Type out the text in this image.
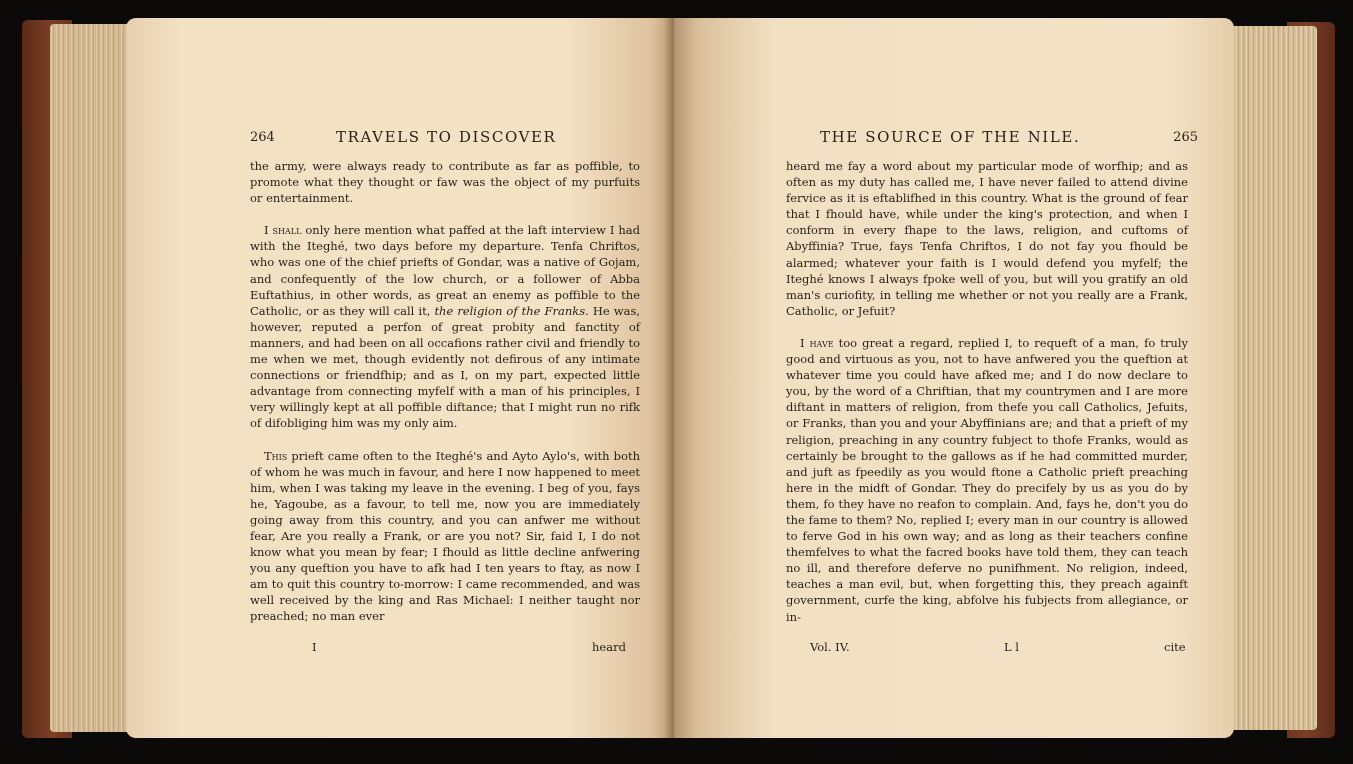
264	TRAVELS TO DISCOVER

the army, were always ready to contribute as far as poffible, to promote what they thought or faw was the object of my purfuits or entertainment.

I shall only here mention what paffed at the laft interview I had with the Iteghé, two days before my departure. Tenfa Chriftos, who was one of the chief priefts of Gondar, was a native of Gojam, and confequently of the low church, or a follower of Abba Euftathius, in other words, as great an enemy as poffible to the Catholic, or as they will call it, the religion of the Franks. He was, however, reputed a perfon of great probity and fanctity of manners, and had been on all occafions rather civil and friendly to me when we met, though evidently not defirous of any intimate connections or friendfhip; and as I, on my part, expected little advantage from connecting myfelf with a man of his principles, I very willingly kept at all poffible diftance; that I might run no rifk of difobliging him was my only aim.

This prieft came often to the Iteghé's and Ayto Aylo's, with both of whom he was much in favour, and here I now happened to meet him, when I was taking my leave in the evening. I beg of you, fays he, Yagoube, as a favour, to tell me, now you are immediately going away from this country, and you can anfwer me without fear, Are you really a Frank, or are you not? Sir, faid I, I do not know what you mean by fear; I fhould as little decline anfwering you any queftion you have to afk had I ten years to ftay, as now I am to quit this country to-morrow: I came recommended, and was well received by the king and Ras Michael: I neither taught nor preached; no man ever

I	heard
THE SOURCE OF THE NILE.	265

heard me fay a word about my particular mode of worfhip; and as often as my duty has called me, I have never failed to attend divine fervice as it is eftablifhed in this country. What is the ground of fear that I fhould have, while under the king's protection, and when I conform in every fhape to the laws, religion, and cuftoms of Abyffinia? True, fays Tenfa Chriftos, I do not fay you fhould be alarmed; whatever your faith is I would defend you myfelf; the Iteghé knows I always fpoke well of you, but will you gratify an old man's curiofity, in telling me whether or not you really are a Frank, Catholic, or Jefuit?

I have too great a regard, replied I, to requeft of a man, fo truly good and virtuous as you, not to have anfwered you the queftion at whatever time you could have afked me; and I do now declare to you, by the word of a Chriftian, that my countrymen and I are more diftant in matters of religion, from thefe you call Catholics, Jefuits, or Franks, than you and your Abyffinians are; and that a prieft of my religion, preaching in any country fubject to thofe Franks, would as certainly be brought to the gallows as if he had committed murder, and juft as fpeedily as you would ftone a Catholic prieft preaching here in the midft of Gondar. They do precifely by us as you do by them, fo they have no reafon to complain. And, fays he, don't you do the fame to them? No, replied I; every man in our country is allowed to ferve God in his own way; and as long as their teachers confine themfelves to what the facred books have told them, they can teach no ill, and therefore deferve no punifhment. No religion, indeed, teaches a man evil, but, when forgetting this, they preach againft government, curfe the king, abfolve his fubjects from allegiance, or in-

Vol. IV.	L l	cite
